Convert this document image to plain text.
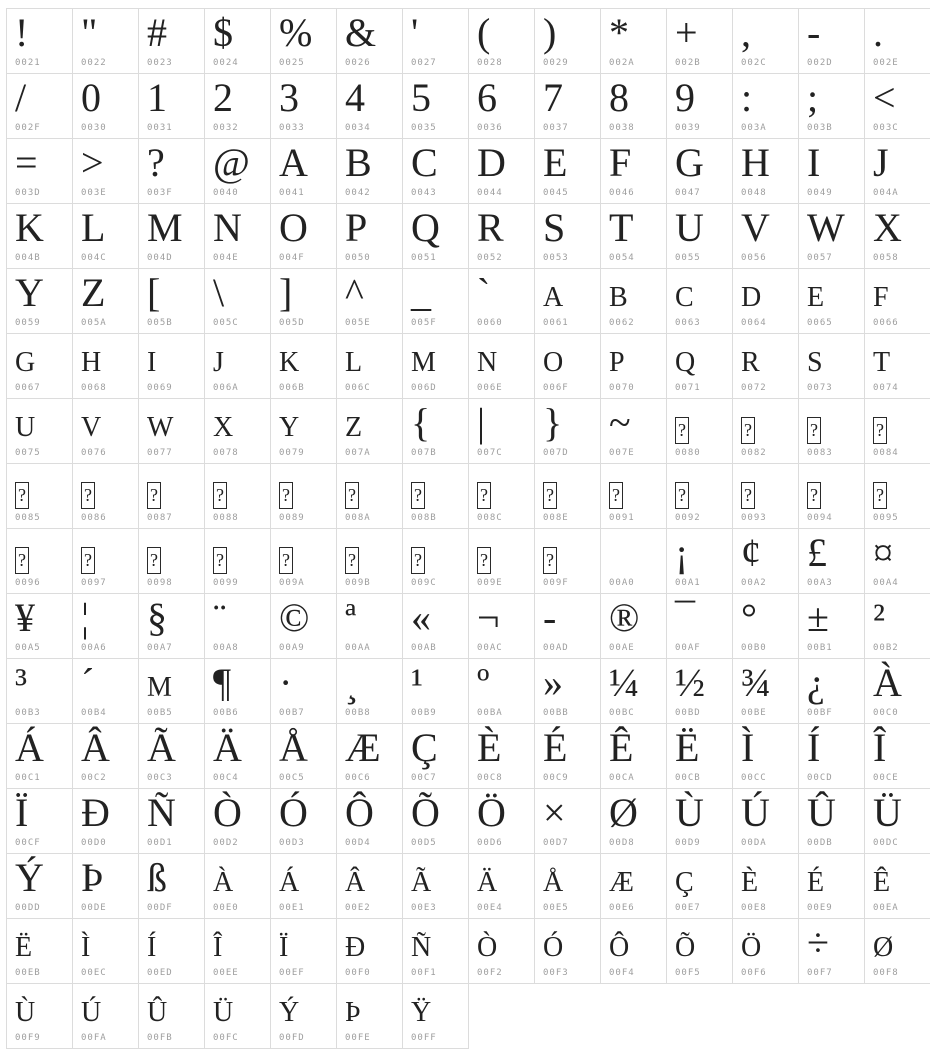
!
0021
"
0022
#
0023
$
0024
%
0025
&
0026
'
0027
(
0028
)
0029
*
002A
+
002B
,
002C
-
002D
.
002E
/
002F
0
0030
1
0031
2
0032
3
0033
4
0034
5
0035
6
0036
7
0037
8
0038
9
0039
:
003A
;
003B
<
003C
=
003D
>
003E
?
003F
@
0040
A
0041
B
0042
C
0043
D
0044
E
0045
F
0046
G
0047
H
0048
I
0049
J
004A
K
004B
L
004C
M
004D
N
004E
O
004F
P
0050
Q
0051
R
0052
S
0053
T
0054
U
0055
V
0056
W
0057
X
0058
Y
0059
Z
005A
[
005B
\
005C
]
005D
^
005E
_
005F
`
0060
a
0061
b
0062
c
0063
d
0064
e
0065
f
0066
g
0067
h
0068
i
0069
j
006A
k
006B
l
006C
m
006D
n
006E
o
006F
p
0070
q
0071
r
0072
s
0073
t
0074
u
0075
v
0076
w
0077
x
0078
y
0079
z
007A
{
007B
|
007C
}
007D
~
007E
?
0080
?
0082
?
0083
?
0084
?
0085
?
0086
?
0087
?
0088
?
0089
?
008A
?
008B
?
008C
?
008E
?
0091
?
0092
?
0093
?
0094
?
0095
?
0096
?
0097
?
0098
?
0099
?
009A
?
009B
?
009C
?
009E
?
009F	00A0
¡
00A1
¢
00A2
£
00A3
¤
00A4
¥
00A5
¦
00A6
§
00A7
¨
00A8
©
00A9
ª
00AA
«
00AB
¬
00AC
-
00AD
®
00AE
¯
00AF
°
00B0
±
00B1
²
00B2
³
00B3
´
00B4
µ
00B5
¶
00B6
·
00B7
¸
00B8
¹
00B9
º
00BA
»
00BB
¼
00BC
½
00BD
¾
00BE
¿
00BF
À
00C0
Á
00C1
Â
00C2
Ã
00C3
Ä
00C4
Å
00C5
Æ
00C6
Ç
00C7
È
00C8
É
00C9
Ê
00CA
Ë
00CB
Ì
00CC
Í
00CD
Î
00CE
Ï
00CF
Ð
00D0
Ñ
00D1
Ò
00D2
Ó
00D3
Ô
00D4
Õ
00D5
Ö
00D6
×
00D7
Ø
00D8
Ù
00D9
Ú
00DA
Û
00DB
Ü
00DC
Ý
00DD
Þ
00DE
ß
00DF
à
00E0
á
00E1
â
00E2
ã
00E3
ä
00E4
å
00E5
æ
00E6
ç
00E7
è
00E8
é
00E9
ê
00EA
ë
00EB
ì
00EC
í
00ED
î
00EE
ï
00EF
ð
00F0
ñ
00F1
ò
00F2
ó
00F3
ô
00F4
õ
00F5
ö
00F6
÷
00F7
ø
00F8
ù
00F9
ú
00FA
û
00FB
ü
00FC
ý
00FD
þ
00FE
ÿ
00FF
